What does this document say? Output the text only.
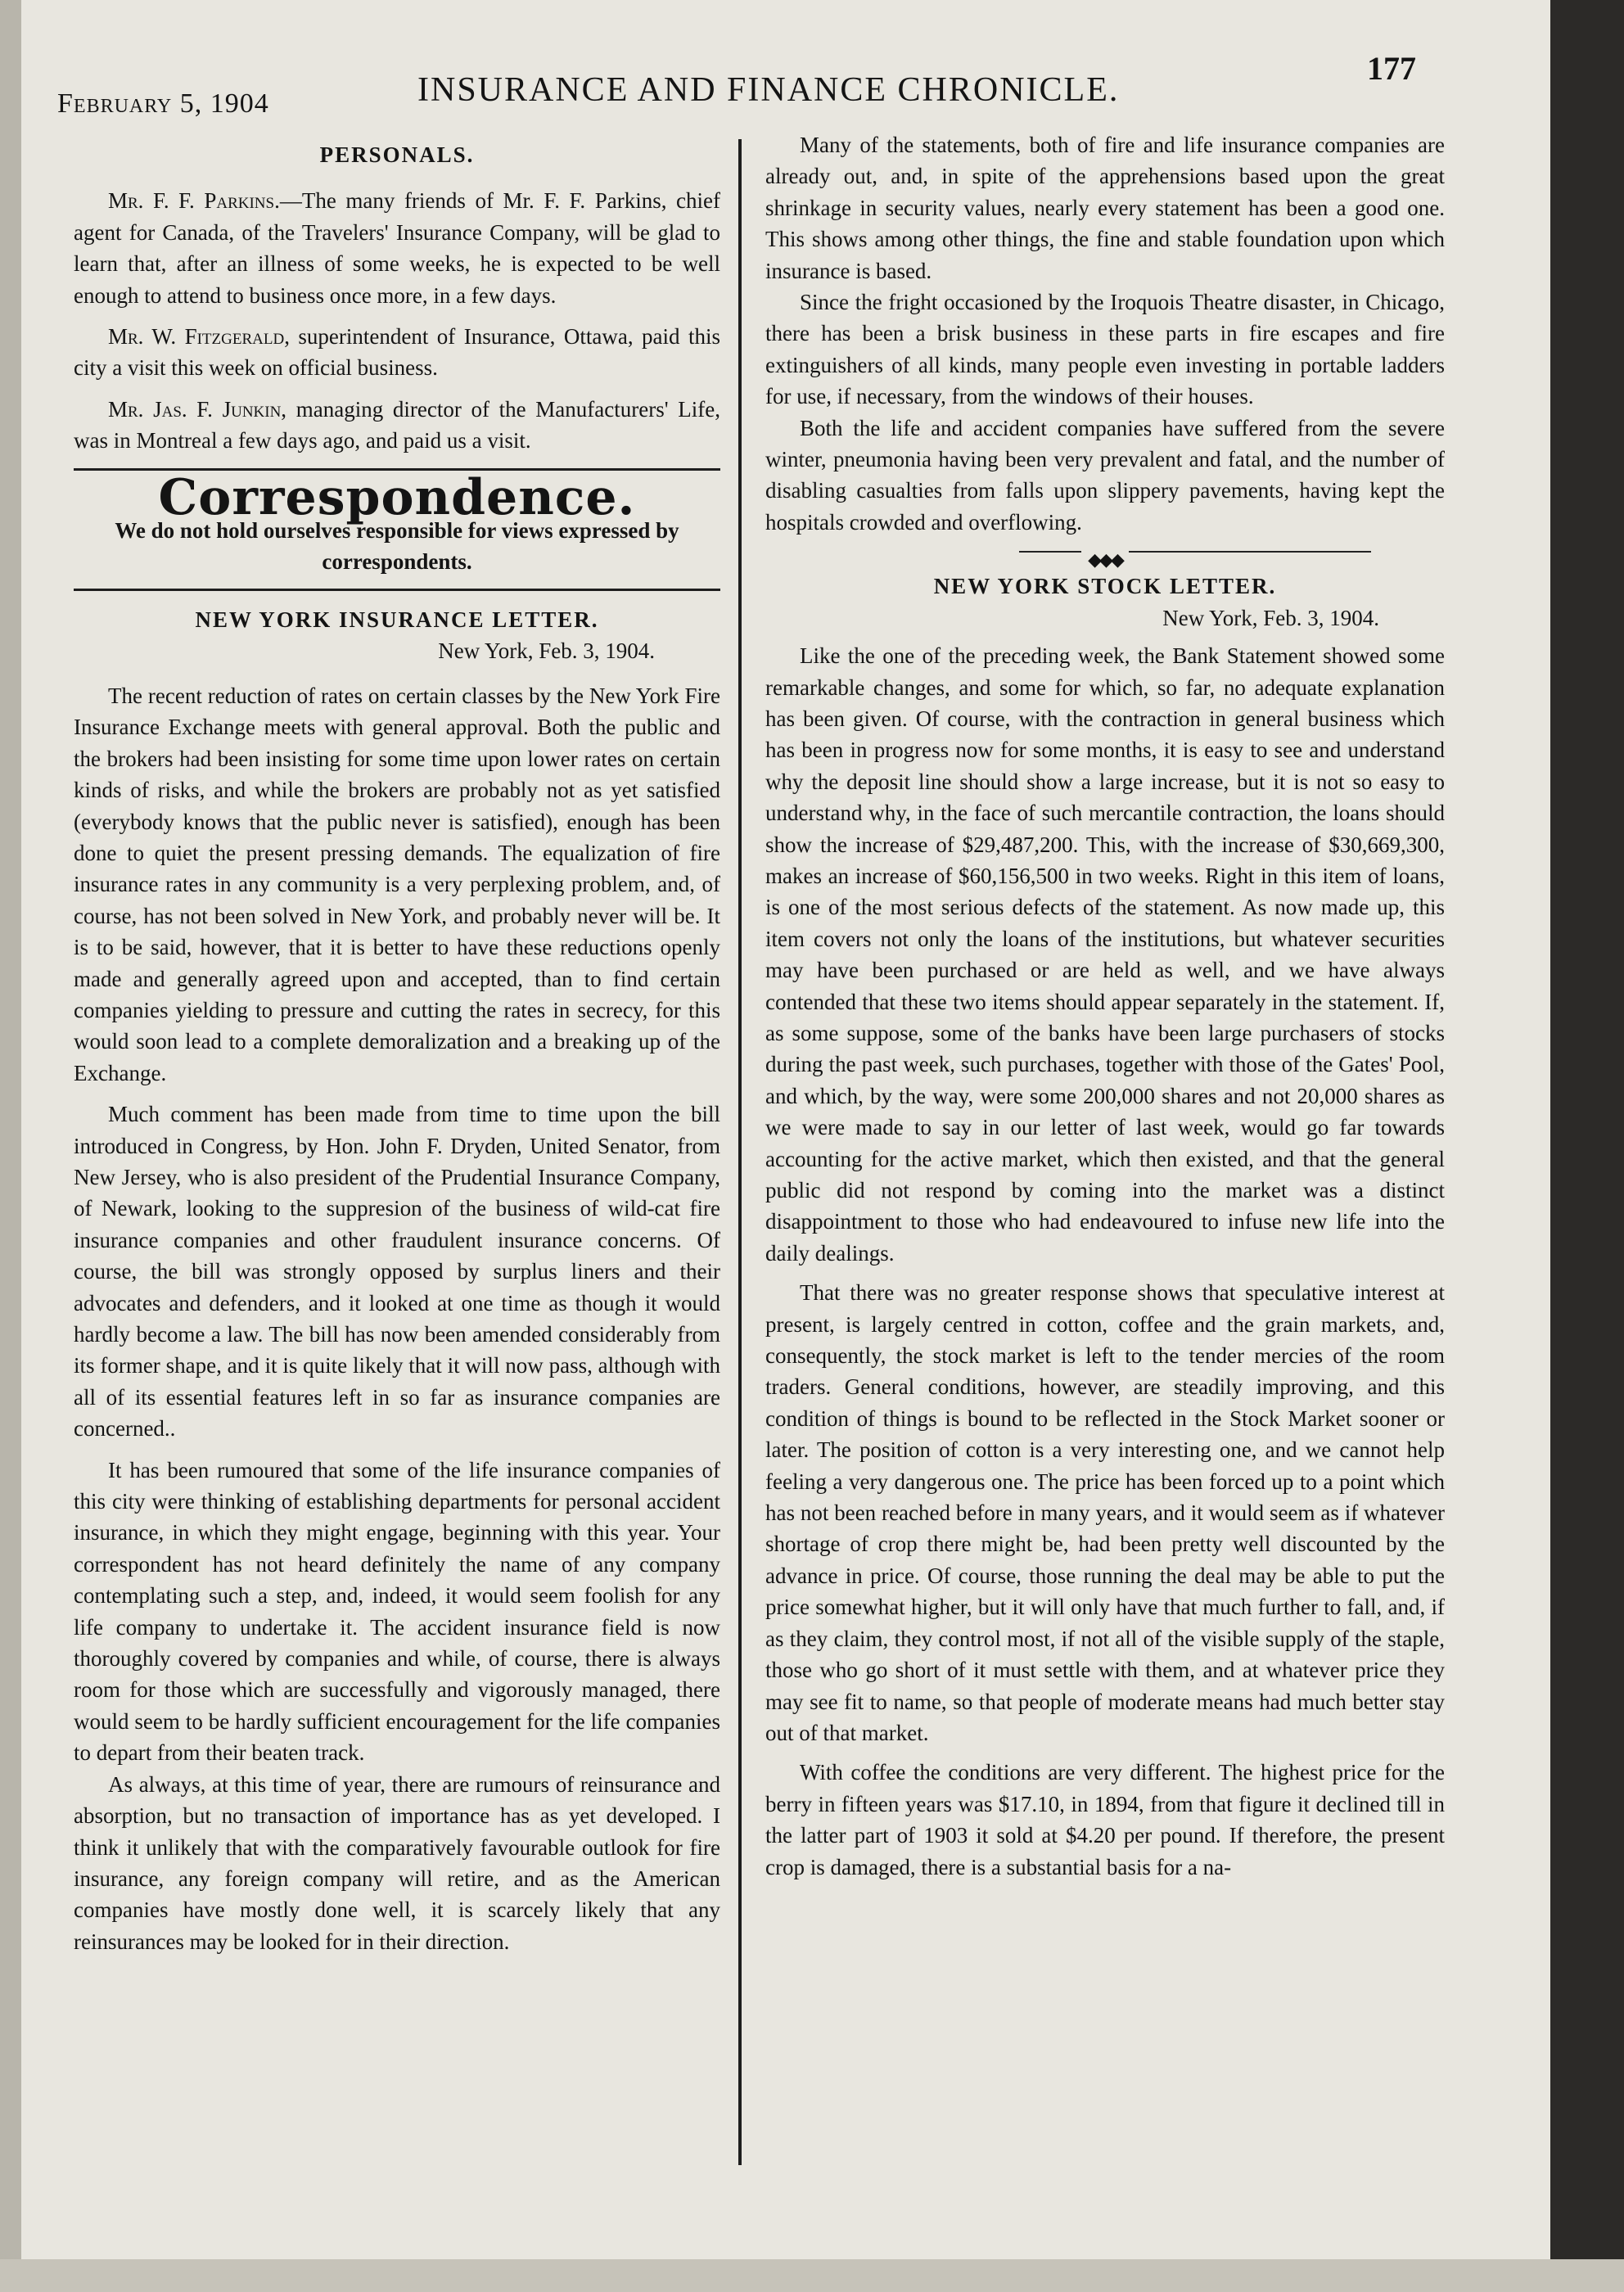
February 5, 1904	INSURANCE AND FINANCE CHRONICLE.
177
PERSONALS.

Mr. F. F. Parkins.—The many friends of Mr. F. F. Parkins, chief agent for Canada, of the Travelers' Insurance Company, will be glad to learn that, after an illness of some weeks, he is expected to be well enough to attend to business once more, in a few days.

Mr. W. Fitzgerald, superintendent of Insurance, Ottawa, paid this city a visit this week on official business.

Mr. Jas. F. Junkin, managing director of the Manufacturers' Life, was in Montreal a few days ago, and paid us a visit.

Correspondence.
We do not hold ourselves responsible for views expressed by correspondents.
NEW YORK INSURANCE LETTER.
New York, Feb. 3, 1904.

The recent reduction of rates on certain classes by the New York Fire Insurance Exchange meets with general approval. Both the public and the brokers had been insisting for some time upon lower rates on certain kinds of risks, and while the brokers are probably not as yet satisfied (everybody knows that the public never is satisfied), enough has been done to quiet the present pressing demands. The equalization of fire insurance rates in any community is a very perplexing problem, and, of course, has not been solved in New York, and probably never will be. It is to be said, however, that it is better to have these reductions openly made and generally agreed upon and accepted, than to find certain companies yielding to pressure and cutting the rates in secrecy, for this would soon lead to a complete demoralization and a breaking up of the Exchange.

Much comment has been made from time to time upon the bill introduced in Congress, by Hon. John F. Dryden, United Senator, from New Jersey, who is also president of the Prudential Insurance Company, of Newark, looking to the suppresion of the business of wild-cat fire insurance companies and other fraudulent insurance concerns. Of course, the bill was strongly opposed by surplus liners and their advocates and defenders, and it looked at one time as though it would hardly become a law. The bill has now been amended considerably from its former shape, and it is quite likely that it will now pass, although with all of its essential features left in so far as insurance companies are concerned..

It has been rumoured that some of the life insurance companies of this city were thinking of establishing departments for personal accident insurance, in which they might engage, beginning with this year. Your correspondent has not heard definitely the name of any company contemplating such a step, and, indeed, it would seem foolish for any life company to undertake it. The accident insurance field is now thoroughly covered by companies and while, of course, there is always room for those which are successfully and vigorously managed, there would seem to be hardly sufficient encouragement for the life companies to depart from their beaten track.

As always, at this time of year, there are rumours of reinsurance and absorption, but no transaction of importance has as yet developed. I think it unlikely that with the comparatively favourable outlook for fire insurance, any foreign company will retire, and as the American companies have mostly done well, it is scarcely likely that any reinsurances may be looked for in their direction.

Many of the statements, both of fire and life insurance companies are already out, and, in spite of the apprehensions based upon the great shrinkage in security values, nearly every statement has been a good one. This shows among other things, the fine and stable foundation upon which insurance is based.

Since the fright occasioned by the Iroquois Theatre disaster, in Chicago, there has been a brisk business in these parts in fire escapes and fire extinguishers of all kinds, many people even investing in portable ladders for use, if necessary, from the windows of their houses.

Both the life and accident companies have suffered from the severe winter, pneumonia having been very prevalent and fatal, and the number of disabling casualties from falls upon slippery pavements, having kept the hospitals crowded and overflowing.

◆◆◆
NEW YORK STOCK LETTER.
New York, Feb. 3, 1904.

Like the one of the preceding week, the Bank Statement showed some remarkable changes, and some for which, so far, no adequate explanation has been given. Of course, with the contraction in general business which has been in progress now for some months, it is easy to see and understand why the deposit line should show a large increase, but it is not so easy to understand why, in the face of such mercantile contraction, the loans should show the increase of $29,487,200. This, with the increase of $30,669,300, makes an increase of $60,156,500 in two weeks. Right in this item of loans, is one of the most serious defects of the statement. As now made up, this item covers not only the loans of the institutions, but whatever securities may have been purchased or are held as well, and we have always contended that these two items should appear separately in the statement. If, as some suppose, some of the banks have been large purchasers of stocks during the past week, such purchases, together with those of the Gates' Pool, and which, by the way, were some 200,000 shares and not 20,000 shares as we were made to say in our letter of last week, would go far towards accounting for the active market, which then existed, and that the general public did not respond by coming into the market was a distinct disappointment to those who had endeavoured to infuse new life into the daily dealings.

That there was no greater response shows that speculative interest at present, is largely centred in cotton, coffee and the grain markets, and, consequently, the stock market is left to the tender mercies of the room traders. General conditions, however, are steadily improving, and this condition of things is bound to be reflected in the Stock Market sooner or later. The position of cotton is a very interesting one, and we cannot help feeling a very dangerous one. The price has been forced up to a point which has not been reached before in many years, and it would seem as if whatever shortage of crop there might be, had been pretty well discounted by the advance in price. Of course, those running the deal may be able to put the price somewhat higher, but it will only have that much further to fall, and, if as they claim, they control most, if not all of the visible supply of the staple, those who go short of it must settle with them, and at whatever price they may see fit to name, so that people of moderate means had much better stay out of that market.

With coffee the conditions are very different. The highest price for the berry in fifteen years was $17.10, in 1894, from that figure it declined till in the latter part of 1903 it sold at $4.20 per pound. If therefore, the present crop is damaged, there is a substantial basis for a na-
